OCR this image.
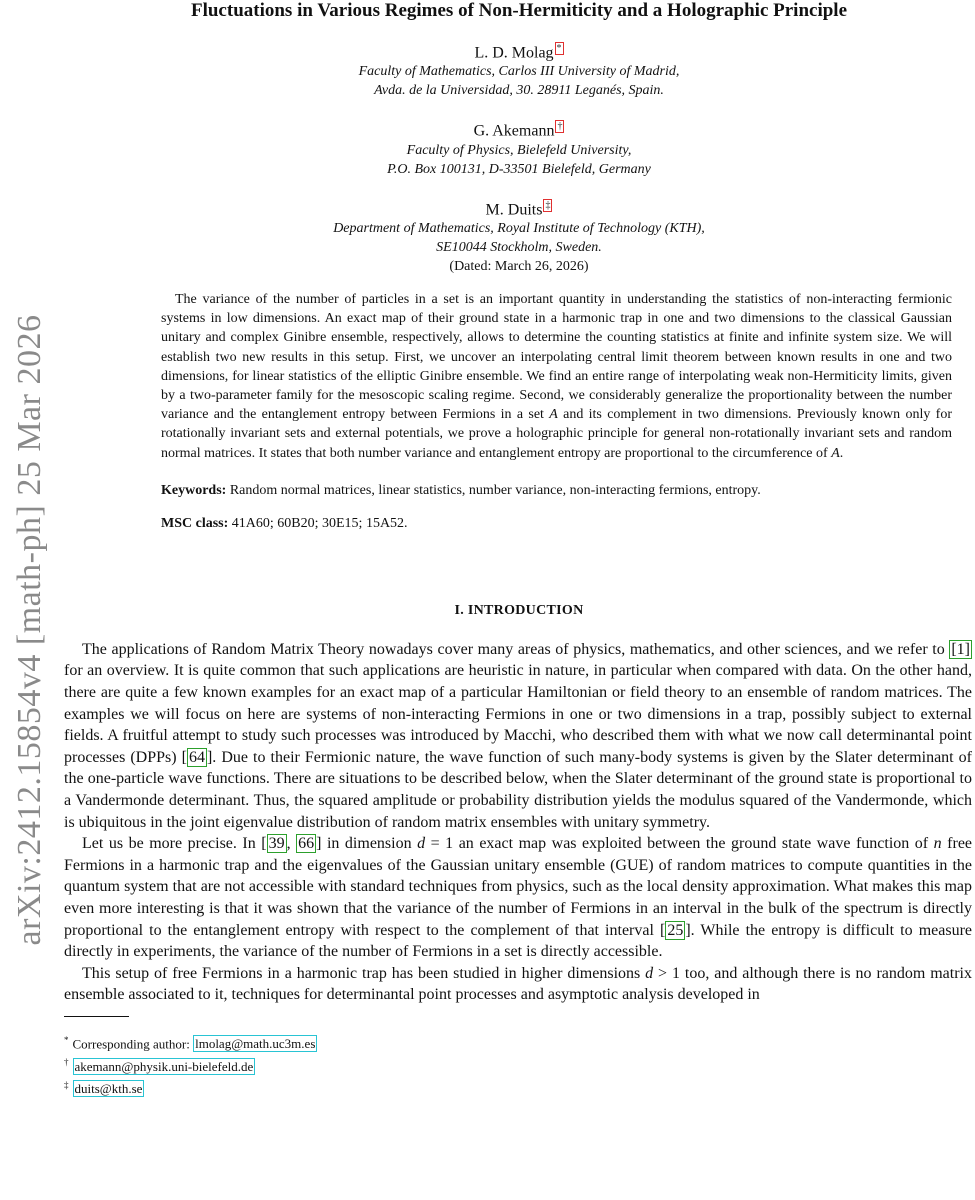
arXiv:2412.15854v4 [math-ph] 25 Mar 2026
Fluctuations in Various Regimes of Non-Hermiticity and a Holographic Principle
L. D. Molag *
Faculty of Mathematics, Carlos III University of Madrid,
Avda. de la Universidad, 30. 28911 Leganés, Spain.
G. Akemann †
Faculty of Physics, Bielefeld University,
P.O. Box 100131, D-33501 Bielefeld, Germany
M. Duits ‡
Department of Mathematics, Royal Institute of Technology (KTH),
SE10044 Stockholm, Sweden.
(Dated: March 26, 2026)
The variance of the number of particles in a set is an important quantity in understanding the statistics of non-interacting fermionic systems in low dimensions. An exact map of their ground state in a harmonic trap in one and two dimensions to the classical Gaussian unitary and complex Ginibre ensemble, respectively, allows to determine the counting statistics at finite and infinite system size. We will establish two new results in this setup. First, we uncover an interpolating central limit theorem between known results in one and two dimensions, for linear statistics of the elliptic Ginibre ensemble. We find an entire range of interpolating weak non-Hermiticity limits, given by a two-parameter family for the mesoscopic scaling regime. Second, we considerably generalize the proportionality between the number variance and the entanglement entropy between Fermions in a set A and its complement in two dimensions. Previously known only for rotationally invariant sets and external potentials, we prove a holographic principle for general non-rotationally invariant sets and random normal matrices. It states that both number variance and entanglement entropy are proportional to the circumference of A.
Keywords: Random normal matrices, linear statistics, number variance, non-interacting fermions, entropy.
MSC class: 41A60; 60B20; 30E15; 15A52.
I. INTRODUCTION

The applications of Random Matrix Theory nowadays cover many areas of physics, mathematics, and other sciences, and we refer to [1] for an overview. It is quite common that such applications are heuristic in nature, in particular when compared with data. On the other hand, there are quite a few known examples for an exact map of a particular Hamiltonian or field theory to an ensemble of random matrices. The examples we will focus on here are systems of non-interacting Fermions in one or two dimensions in a trap, possibly subject to external fields. A fruitful attempt to study such processes was introduced by Macchi, who described them with what we now call determinantal point processes (DPPs) [ 64 ]. Due to their Fermionic nature, the wave function of such many-body systems is given by the Slater determinant of the one-particle wave functions. There are situations to be described below, when the Slater determinant of the ground state is proportional to a Vandermonde determinant. Thus, the squared amplitude or probability distribution yields the modulus squared of the Vandermonde, which is ubiquitous in the joint eigenvalue distribution of random matrix ensembles with unitary symmetry.

Let us be more precise. In [ 39 , 66 ] in dimension d = 1 an exact map was exploited between the ground state wave function of n free Fermions in a harmonic trap and the eigenvalues of the Gaussian unitary ensemble (GUE) of random matrices to compute quantities in the quantum system that are not accessible with standard techniques from physics, such as the local density approximation. What makes this map even more interesting is that it was shown that the variance of the number of Fermions in an interval in the bulk of the spectrum is directly proportional to the entanglement entropy with respect to the complement of that interval [ 25 ]. While the entropy is difficult to measure directly in experiments, the variance of the number of Fermions in a set is directly accessible.

This setup of free Fermions in a harmonic trap has been studied in higher dimensions d > 1 too, and although there is no random matrix ensemble associated to it, techniques for determinantal point processes and asymptotic analysis developed in

* Corresponding author: lmolag@math.uc3m.es
† akemann@physik.uni-bielefeld.de
‡ duits@kth.se
